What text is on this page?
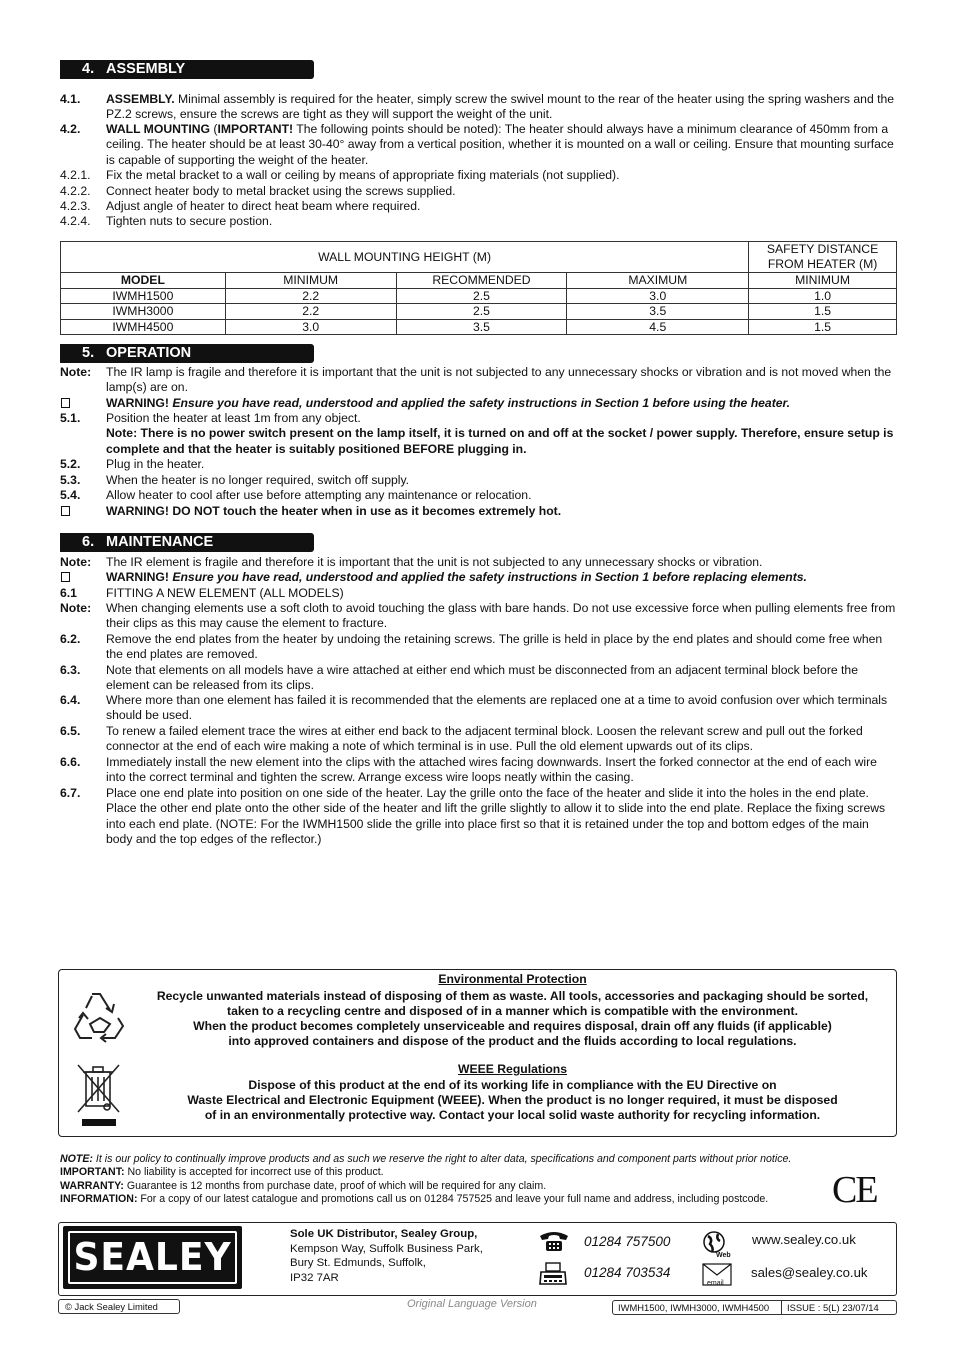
4. ASSEMBLY
4.1.	ASSEMBLY. Minimal assembly is required for the heater, simply screw the swivel mount to the rear of the heater using the spring washers and the PZ.2 screws, ensure the screws are tight as they will support the weight of the unit.
4.2.	WALL MOUNTING (IMPORTANT! The following points should be noted): The heater should always have a minimum clearance of 450mm from a ceiling. The heater should be at least 30-40° away from a vertical position, whether it is mounted on a wall or ceiling. Ensure that mounting surface is capable of supporting the weight of the heater.
4.2.1.	Fix the metal bracket to a wall or ceiling by means of appropriate fixing materials (not supplied).
4.2.2.	Connect heater body to metal bracket using the screws supplied.
4.2.3.	Adjust angle of heater to direct heat beam where required.
4.2.4.	Tighten nuts to secure postion.
WALL MOUNTING HEIGHT (M)				SAFETY DISTANCE FROM HEATER (M)
MODEL	MINIMUM	RECOMMENDED	MAXIMUM	MINIMUM
IWMH1500	2.2	2.5	3.0	1.0
IWMH3000	2.2	2.5	3.5	1.5
IWMH4500	3.0	3.5	4.5	1.5
5. OPERATION
Note:	The IR lamp is fragile and therefore it is important that the unit is not subjected to any unnecessary shocks or vibration and is not moved when the lamp(s) are on.
WARNING! Ensure you have read, understood and applied the safety instructions in Section 1 before using the heater.
5.1.	Position the heater at least 1m from any object.
Note: There is no power switch present on the lamp itself, it is turned on and off at the socket / power supply. Therefore, ensure setup is complete and that the heater is suitably positioned BEFORE plugging in.
5.2.	Plug in the heater.
5.3.	When the heater is no longer required, switch off supply.
5.4.	Allow heater to cool after use before attempting any maintenance or relocation.
WARNING! DO NOT touch the heater when in use as it becomes extremely hot.
6. MAINTENANCE
Note:	The IR element is fragile and therefore it is important that the unit is not subjected to any unnecessary shocks or vibration.
WARNING! Ensure you have read, understood and applied the safety instructions in Section 1 before replacing elements.
6.1	FITTING A NEW ELEMENT (ALL MODELS)
Note:	When changing elements use a soft cloth to avoid touching the glass with bare hands. Do not use excessive force when pulling elements free from their clips as this may cause the element to fracture.
6.2.	Remove the end plates from the heater by undoing the retaining screws. The grille is held in place by the end plates and should come free when the end plates are removed.
6.3.	Note that elements on all models have a wire attached at either end which must be disconnected from an adjacent terminal block before the element can be released from its clips.
6.4.	Where more than one element has failed it is recommended that the elements are replaced one at a time to avoid confusion over which terminals should be used.
6.5.	To renew a failed element trace the wires at either end back to the adjacent terminal block. Loosen the relevant screw and pull out the forked connector at the end of each wire making a note of which terminal is in use. Pull the old element upwards out of its clips.
6.6.	Immediately install the new element into the clips with the attached wires facing downwards. Insert the forked connector at the end of each wire into the correct terminal and tighten the screw. Arrange excess wire loops neatly within the casing.
6.7.	Place one end plate into position on one side of the heater. Lay the grille onto the face of the heater and slide it into the holes in the end plate. Place the other end plate onto the other side of the heater and lift the grille slightly to allow it to slide into the end plate. Replace the fixing screws into each end plate. (NOTE: For the IWMH1500 slide the grille into place first so that it is retained under the top and bottom edges of the main body and the top edges of the reflector.)
Environmental Protection
Recycle unwanted materials instead of disposing of them as waste. All tools, accessories and packaging should be sorted,
taken to a recycling centre and disposed of in a manner which is compatible with the environment.
When the product becomes completely unserviceable and requires disposal, drain off any fluids (if applicable)
into approved containers and dispose of the product and the fluids according to local regulations.
WEEE Regulations
Dispose of this product at the end of its working life in compliance with the EU Directive on
Waste Electrical and Electronic Equipment (WEEE). When the product is no longer required, it must be disposed
of in an environmentally protective way. Contact your local solid waste authority for recycling information.
NOTE: It is our policy to continually improve products and as such we reserve the right to alter data, specifications and component parts without prior notice.
IMPORTANT: No liability is accepted for incorrect use of this product.
WARRANTY: Guarantee is 12 months from purchase date, proof of which will be required for any claim.
INFORMATION: For a copy of our latest catalogue and promotions call us on 01284 757525 and leave your full name and address, including postcode.	CE
SEALEY
Sole UK Distributor, Sealey Group,
Kempson Way, Suffolk Business Park,
Bury St. Edmunds, Suffolk,
IP32 7AR
01284 757500
01284 703534
Web
www.sealey.co.uk
email
sales@sealey.co.uk
© Jack Sealey Limited	Original Language Version	IWMH1500, IWMH3000, IWMH4500 ISSUE : 5(L) 23/07/14
